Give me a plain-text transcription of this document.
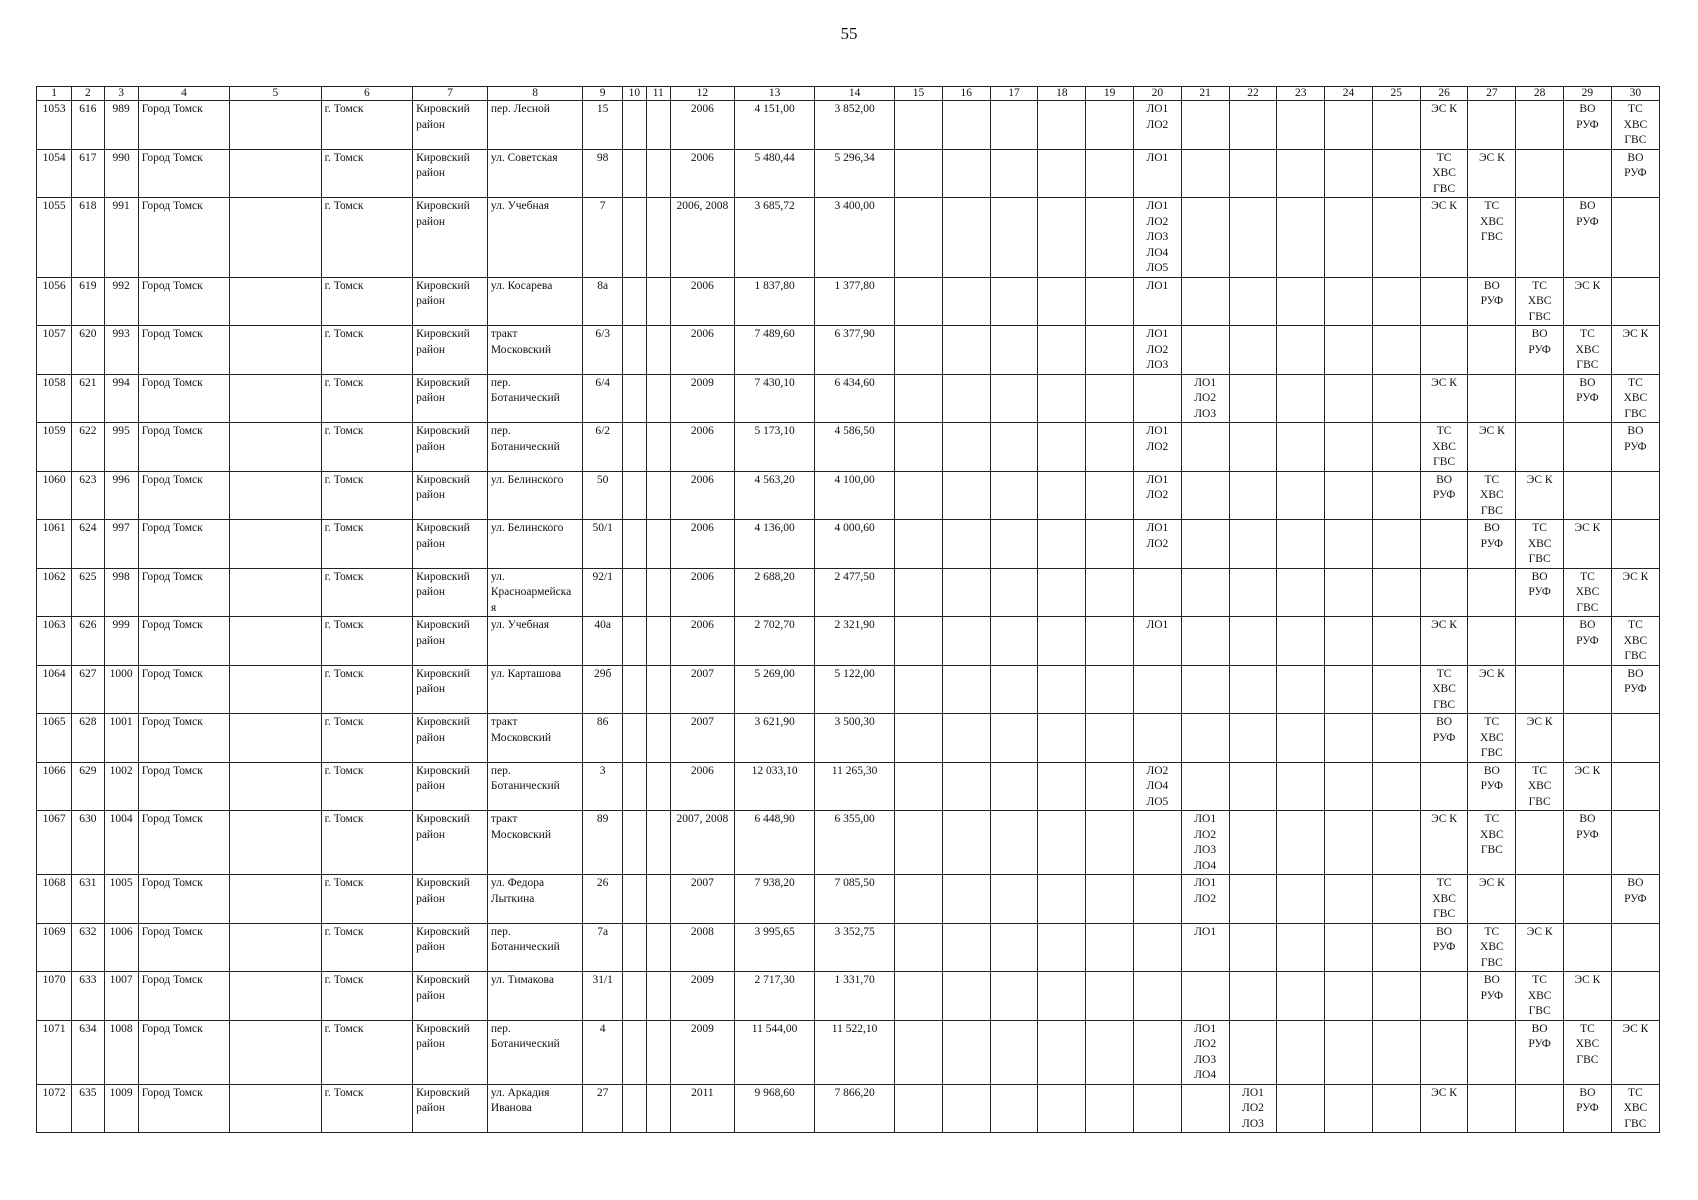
55
1	2	3	4	5	6	7	8	9	10	11	12	13	14	15	16	17	18	19	20	21	22	23	24	25	26	27	28	29	30
1053	616	989	Город Томск		г. Томск	Кировский район	пер. Лесной	15			2006	4 151,00	3 852,00						ЛО1
ЛО2						ЭС К			ВО
РУФ	ТС
ХВС
ГВС
1054	617	990	Город Томск		г. Томск	Кировский район	ул. Советская	98			2006	5 480,44	5 296,34						ЛО1						ТС
ХВС
ГВС	ЭС К			ВО
РУФ
1055	618	991	Город Томск		г. Томск	Кировский район	ул. Учебная	7			2006, 2008	3 685,72	3 400,00						ЛО1
ЛО2
ЛО3
ЛО4
ЛО5						ЭС К	ТС
ХВС
ГВС		ВО
РУФ	
1056	619	992	Город Томск		г. Томск	Кировский район	ул. Косарева	8а			2006	1 837,80	1 377,80						ЛО1							ВО
РУФ	ТС
ХВС
ГВС	ЭС К	
1057	620	993	Город Томск		г. Томск	Кировский район	тракт Московский	6/3			2006	7 489,60	6 377,90						ЛО1
ЛО2
ЛО3								ВО
РУФ	ТС
ХВС
ГВС	ЭС К
1058	621	994	Город Томск		г. Томск	Кировский район	пер. Ботанический	6/4			2009	7 430,10	6 434,60							ЛО1
ЛО2
ЛО3					ЭС К			ВО
РУФ	ТС
ХВС
ГВС
1059	622	995	Город Томск		г. Томск	Кировский район	пер. Ботанический	6/2			2006	5 173,10	4 586,50						ЛО1
ЛО2						ТС
ХВС
ГВС	ЭС К			ВО
РУФ
1060	623	996	Город Томск		г. Томск	Кировский район	ул. Белинского	50			2006	4 563,20	4 100,00						ЛО1
ЛО2						ВО
РУФ	ТС
ХВС
ГВС	ЭС К		
1061	624	997	Город Томск		г. Томск	Кировский район	ул. Белинского	50/1			2006	4 136,00	4 000,60						ЛО1
ЛО2							ВО
РУФ	ТС
ХВС
ГВС	ЭС К	
1062	625	998	Город Томск		г. Томск	Кировский район	ул. Красноармейска
я	92/1			2006	2 688,20	2 477,50														ВО
РУФ	ТС
ХВС
ГВС	ЭС К
1063	626	999	Город Томск		г. Томск	Кировский район	ул. Учебная	40а			2006	2 702,70	2 321,90						ЛО1						ЭС К			ВО
РУФ	ТС
ХВС
ГВС
1064	627	1000	Город Томск		г. Томск	Кировский район	ул. Карташова	29б			2007	5 269,00	5 122,00												ТС
ХВС
ГВС	ЭС К			ВО
РУФ
1065	628	1001	Город Томск		г. Томск	Кировский район	тракт Московский	86			2007	3 621,90	3 500,30												ВО
РУФ	ТС
ХВС
ГВС	ЭС К		
1066	629	1002	Город Томск		г. Томск	Кировский район	пер. Ботанический	3			2006	12 033,10	11 265,30						ЛО2
ЛО4
ЛО5							ВО
РУФ	ТС
ХВС
ГВС	ЭС К	
1067	630	1004	Город Томск		г. Томск	Кировский район	тракт Московский	89			2007, 2008	6 448,90	6 355,00							ЛО1
ЛО2
ЛО3
ЛО4					ЭС К	ТС
ХВС
ГВС		ВО
РУФ	
1068	631	1005	Город Томск		г. Томск	Кировский район	ул. Федора Лыткина	26			2007	7 938,20	7 085,50							ЛО1
ЛО2					ТС
ХВС
ГВС	ЭС К			ВО
РУФ
1069	632	1006	Город Томск		г. Томск	Кировский район	пер. Ботанический	7а			2008	3 995,65	3 352,75							ЛО1					ВО
РУФ	ТС
ХВС
ГВС	ЭС К		
1070	633	1007	Город Томск		г. Томск	Кировский район	ул. Тимакова	31/1			2009	2 717,30	1 331,70													ВО
РУФ	ТС
ХВС
ГВС	ЭС К	
1071	634	1008	Город Томск		г. Томск	Кировский район	пер. Ботанический	4			2009	11 544,00	11 522,10							ЛО1
ЛО2
ЛО3
ЛО4							ВО
РУФ	ТС
ХВС
ГВС	ЭС К
1072	635	1009	Город Томск		г. Томск	Кировский район	ул. Аркадия Иванова	27			2011	9 968,60	7 866,20								ЛО1
ЛО2
ЛО3				ЭС К			ВО
РУФ	ТС
ХВС
ГВС
